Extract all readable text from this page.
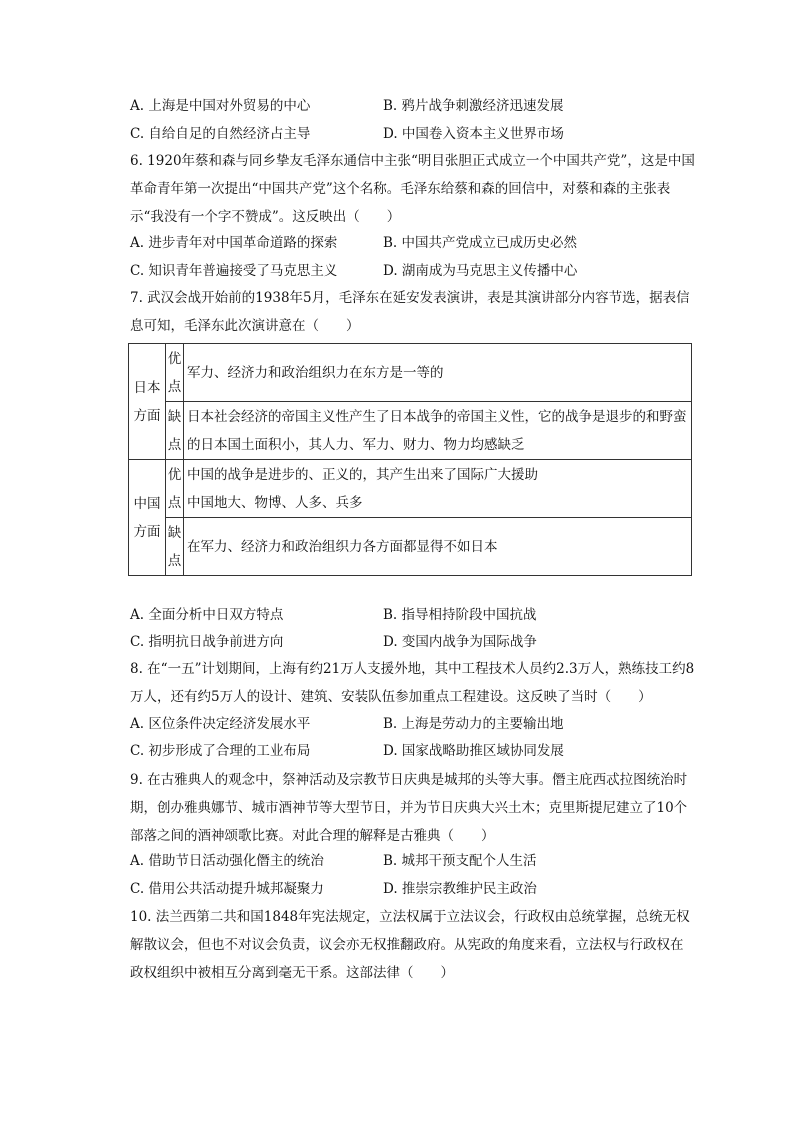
A. 上海是中国对外贸易的中心	B. 鸦片战争刺激经济迅速发展
C. 自给自足的自然经济占主导	D. 中国卷入资本主义世界市场
6. 1920年蔡和森与同乡挚友毛泽东通信中主张“明目张胆正式成立一个中国共产党”，这是中国革命青年第一次提出“中国共产党”这个名称。毛泽东给蔡和森的回信中，对蔡和森的主张表示“我没有一个字不赞成”。这反映出（　　）
A. 进步青年对中国革命道路的探索	B. 中国共产党成立已成历史必然
C. 知识青年普遍接受了马克思主义	D. 湖南成为马克思主义传播中心
7. 武汉会战开始前的1938年5月，毛泽东在延安发表演讲，表是其演讲部分内容节选，据表信息可知，毛泽东此次演讲意在（　　）
日本方面	优点	军力、经济力和政治组织力在东方是一等的
	缺点	日本社会经济的帝国主义性产生了日本战争的帝国主义性，它的战争是退步的和野蛮的日本国土面积小，其人力、军力、财力、物力均感缺乏
中国方面	优点	中国的战争是进步的、正义的，其产生出来了国际广大援助
中国地大、物博、人多、兵多

	缺点	在军力、经济力和政治组织力各方面都显得不如日本
A. 全面分析中日双方特点	B. 指导相持阶段中国抗战
C. 指明抗日战争前进方向	D. 变国内战争为国际战争
8. 在“一五”计划期间，上海有约21万人支援外地，其中工程技术人员约2.3万人，熟练技工约8万人，还有约5万人的设计、建筑、安装队伍参加重点工程建设。这反映了当时（　　）
A. 区位条件决定经济发展水平	B. 上海是劳动力的主要输出地
C. 初步形成了合理的工业布局	D. 国家战略助推区域协同发展
9. 在古雅典人的观念中，祭神活动及宗教节日庆典是城邦的头等大事。僭主庇西忒拉图统治时期，创办雅典娜节、城市酒神节等大型节日，并为节日庆典大兴土木；克里斯提尼建立了10个部落之间的酒神颂歌比赛。对此合理的解释是古雅典（　　）
A. 借助节日活动强化僭主的统治	B. 城邦干预支配个人生活
C. 借用公共活动提升城邦凝聚力	D. 推崇宗教维护民主政治
10. 法兰西第二共和国1848年宪法规定，立法权属于立法议会，行政权由总统掌握，总统无权解散议会，但也不对议会负责，议会亦无权推翻政府。从宪政的角度来看，立法权与行政权在政权组织中被相互分离到毫无干系。这部法律（　　）
